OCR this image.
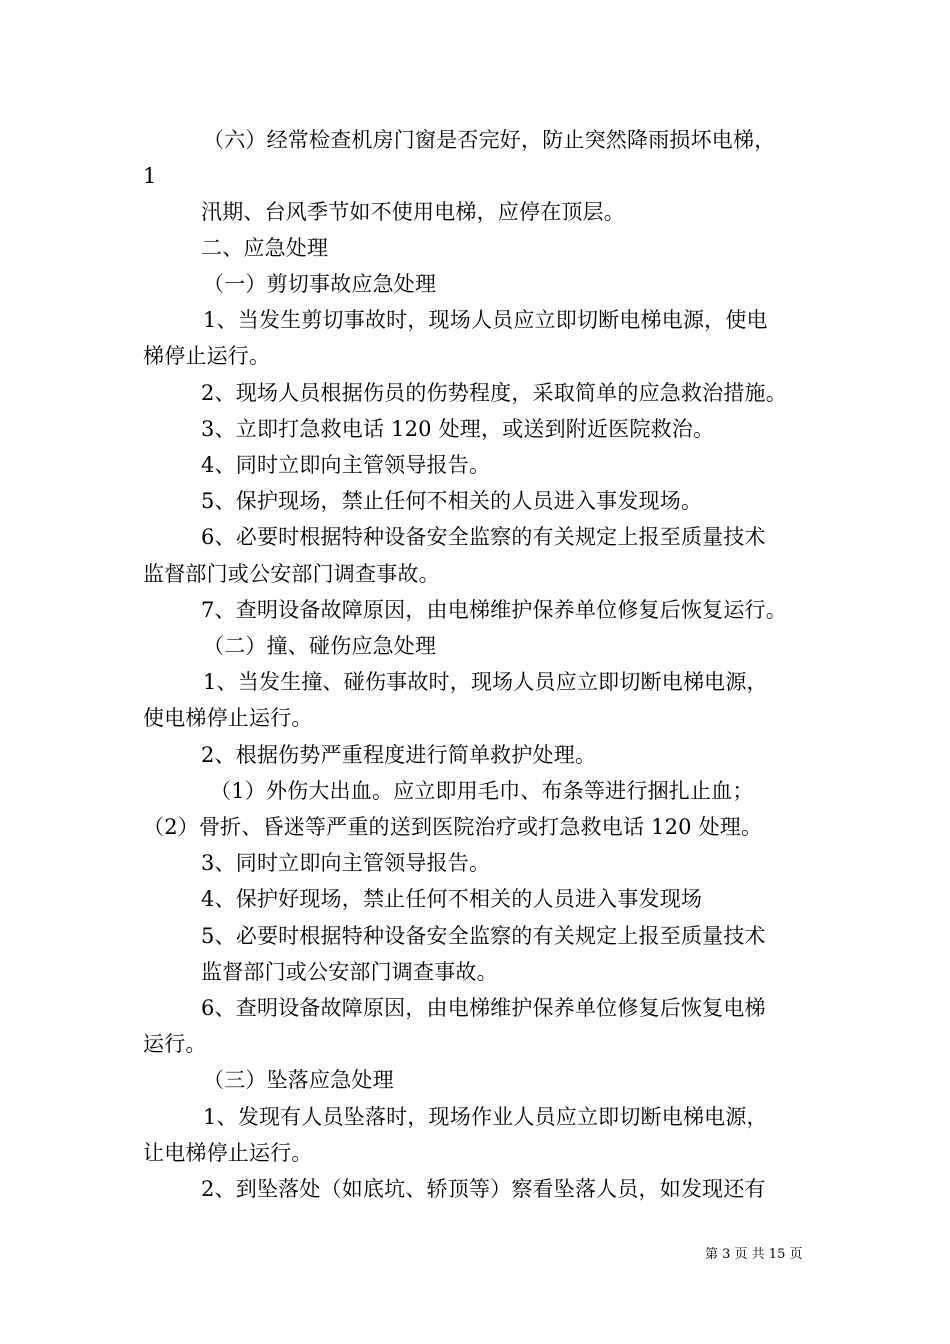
（六）经常检查机房门窗是否完好，防止突然降雨损坏电梯，
1
汛期、台风季节如不使用电梯，应停在顶层。
二、应急处理
（一）剪切事故应急处理
1、当发生剪切事故时，现场人员应立即切断电梯电源，使电
梯停止运行。
2、现场人员根据伤员的伤势程度，采取简单的应急救治措施。
3、立即打急救电话 120 处理，或送到附近医院救治。
4、同时立即向主管领导报告。
5、保护现场，禁止任何不相关的人员进入事发现场。
6、必要时根据特种设备安全监察的有关规定上报至质量技术
监督部门或公安部门调查事故。
7、查明设备故障原因，由电梯维护保养单位修复后恢复运行。
（二）撞、碰伤应急处理
1、当发生撞、碰伤事故时，现场人员应立即切断电梯电源，
使电梯停止运行。
2、根据伤势严重程度进行简单救护处理。
（1）外伤大出血。应立即用毛巾、布条等进行捆扎止血；
（2）骨折、昏迷等严重的送到医院治疗或打急救电话 120 处理。
3、同时立即向主管领导报告。
4、保护好现场，禁止任何不相关的人员进入事发现场
5、必要时根据特种设备安全监察的有关规定上报至质量技术
监督部门或公安部门调查事故。
6、查明设备故障原因，由电梯维护保养单位修复后恢复电梯
运行。
（三）坠落应急处理
1、发现有人员坠落时，现场作业人员应立即切断电梯电源，
让电梯停止运行。
2、到坠落处（如底坑、轿顶等）察看坠落人员，如发现还有
第 3 页 共 15 页
